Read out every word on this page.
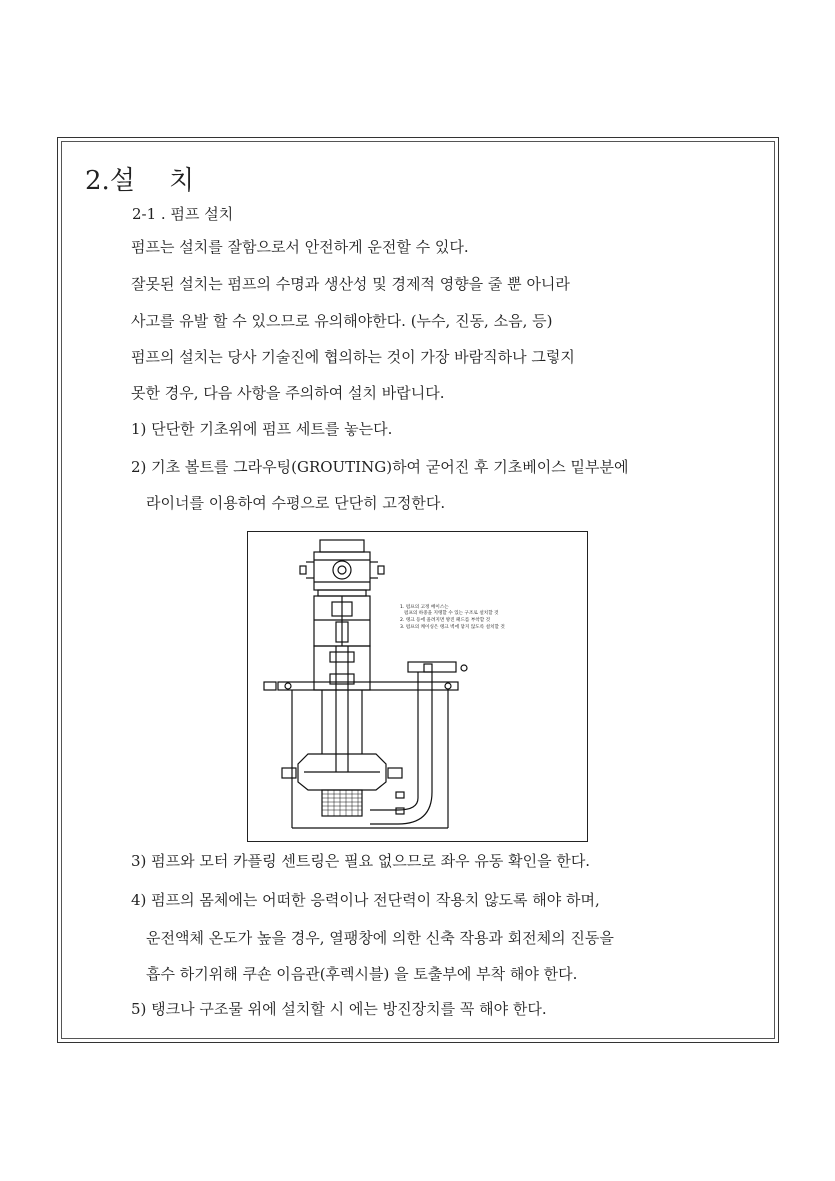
2.설 치
2-1 . 펌프 설치
펌프는 설치를 잘함으로서 안전하게 운전할 수 있다.
잘못된 설치는 펌프의 수명과 생산성 및 경제적 영향을 줄 뿐 아니라
사고를 유발 할 수 있으므로 유의해야한다. (누수, 진동, 소음, 등)
펌프의 설치는 당사 기술진에 협의하는 것이 가장 바람직하나 그렇지
못한 경우, 다음 사항을 주의하여 설치 바랍니다.
1) 단단한 기초위에 펌프 세트를 놓는다.
2) 기초 볼트를 그라우팅(GROUTING)하여 굳어진 후 기초베이스 밑부분에
라이너를 이용하여 수평으로 단단히 고정한다.
1. 펌프의 고정 베이스는
펌프의 하중을 지탱할 수 있는 구조로 설치할 것
2. 탱크 등에 올려지면 방진 패드를 부착할 것
3. 펌프의 케이싱은 탱크 벽에 닿지 않도록 설치할 것
3) 펌프와 모터 카플링 센트링은 필요 없으므로 좌우 유동 확인을 한다.
4) 펌프의 몸체에는 어떠한 응력이나 전단력이 작용치 않도록 해야 하며,
운전액체 온도가 높을 경우, 열팽창에 의한 신축 작용과 회전체의 진동을
흡수 하기위해 쿠숀 이음관(후렉시블) 을 토출부에 부착 해야 한다.
5) 탱크나 구조물 위에 설치할 시 에는 방진장치를 꼭 해야 한다.
